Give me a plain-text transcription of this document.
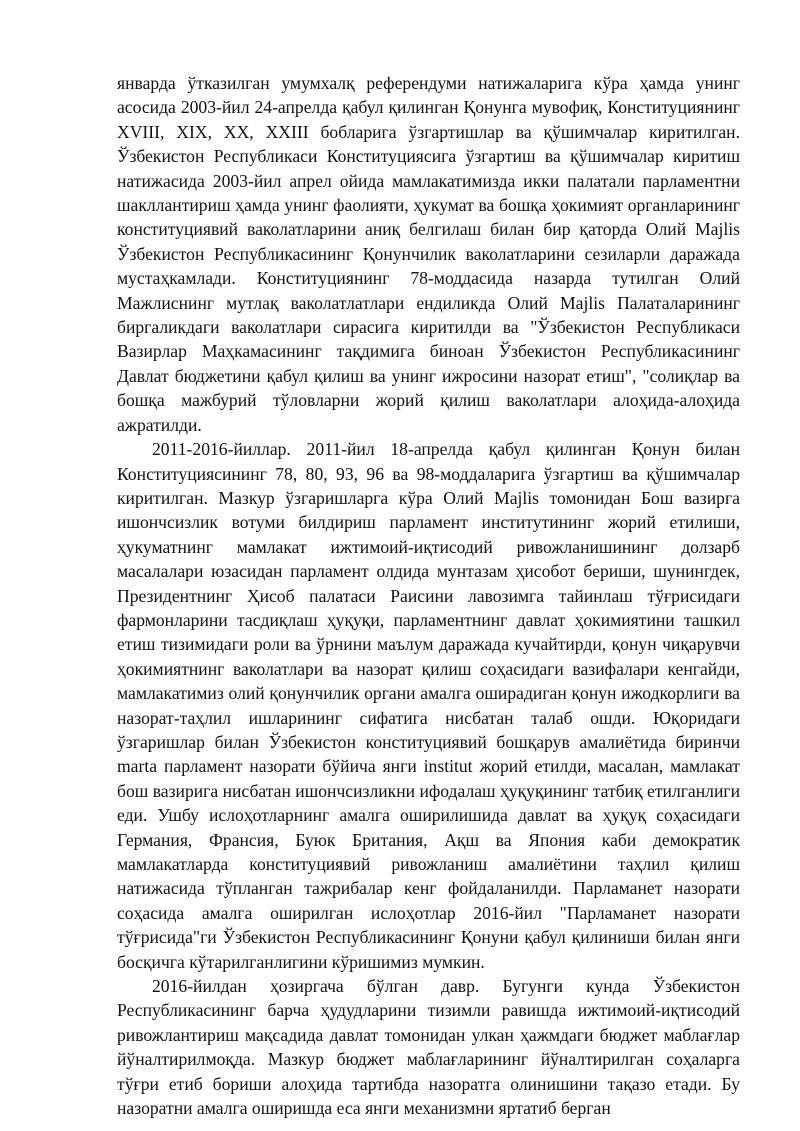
январда ўтказилган умумхалқ референдуми натижаларига кўра ҳамда унинг асосида 2003-йил 24-апрелда қабул қилинган Қонунга мувофиқ, Конституциянинг XVIII, XIX, XX, XXIII бобларига ўзгартишлар ва қўшимчалар киритилган. Ўзбекистон Республикаси Конституциясига ўзгартиш ва қўшимчалар киритиш натижасида 2003-йил апрел ойида мамлакатимизда икки палатали парламентни шакллантириш ҳамда унинг фаолияти, ҳукумат ва бошқа ҳокимият органларининг конституциявий ваколатларини аниқ белгилаш билан бир қаторда Олий Majlis Ўзбекистон Республикасининг Қонунчилик ваколатларини сезиларли даражада мустаҳкамлади. Конституциянинг 78-моддасида назарда тутилган Олий Мажлиснинг мутлақ ваколатлатлари ендиликда Олий Majlis Палаталарининг биргаликдаги ваколатлари сирасига киритилди ва "Ўзбекистон Республикаси Вазирлар Маҳкамасининг тақдимига биноан Ўзбекистон Республикасининг Давлат бюджетини қабул қилиш ва унинг ижросини назорат етиш", "солиқлар ва бошқа мажбурий тўловларни жорий қилиш ваколатлари алоҳида-алоҳида ажратилди.

2011-2016-йиллар. 2011-йил 18-апрелда қабул қилинган Қонун билан Конституциясининг 78, 80, 93, 96 ва 98-моддаларига ўзгартиш ва қўшимчалар киритилган. Мазкур ўзгаришларга кўра Олий Majlis томонидан Бош вазирга ишончсизлик вотуми билдириш парламент институтининг жорий етилиши, ҳукуматнинг мамлакат ижтимоий-иқтисодий ривожланишининг долзарб масалалари юзасидан парламент олдида мунтазам ҳисобот бериши, шунингдек, Президентнинг Ҳисоб палатаси Раисини лавозимга тайинлаш тўғрисидаги фармонларини тасдиқлаш ҳуқуқи, парламентнинг давлат ҳокимиятини ташкил етиш тизимидаги роли ва ўрнини маълум даражада кучайтирди, қонун чиқарувчи ҳокимиятнинг ваколатлари ва назорат қилиш соҳасидаги вазифалари кенгайди, мамлакатимиз олий қонунчилик органи амалга оширадиган қонун ижодкорлиги ва назорат-таҳлил ишларининг сифатига нисбатан талаб ошди. Юқоридаги ўзгаришлар билан Ўзбекистон конституциявий бошқарув амалиётида биринчи marta парламент назорати бўйича янги institut жорий етилди, масалан, мамлакат бош вазирига нисбатан ишончсизликни ифодалаш ҳуқуқининг татбиқ етилганлиги еди. Ушбу ислоҳотларнинг амалга оширилишида давлат ва ҳуқуқ соҳасидаги Германия, Франсия, Буюк Британия, Ақш ва Япония каби демократик мамлакатларда конституциявий ривожланиш амалиётини таҳлил қилиш натижасида тўпланган тажрибалар кенг фойдаланилди. Парламанет назорати соҳасида амалга оширилган ислоҳотлар 2016-йил "Парламанет назорати тўғрисида"ги Ўзбекистон Республикасининг Қонуни қабул қилиниши билан янги босқичга кўтарилганлигини кўришимиз мумкин.

2016-йилдан ҳозиргача бўлган давр. Бугунги кунда Ўзбекистон Республикасининг барча ҳудудларини тизимли равишда ижтимоий-иқтисодий ривожлантириш мақсадида давлат томонидан улкан ҳажмдаги бюджет маблағлар йўналтирилмоқда. Мазкур бюджет маблағларининг йўналтирилган соҳаларга тўғри етиб бориши алоҳида тартибда назоратга олинишини тақазо етади. Бу назоратни амалга оширишда еса янги механизмни яртатиб берган
